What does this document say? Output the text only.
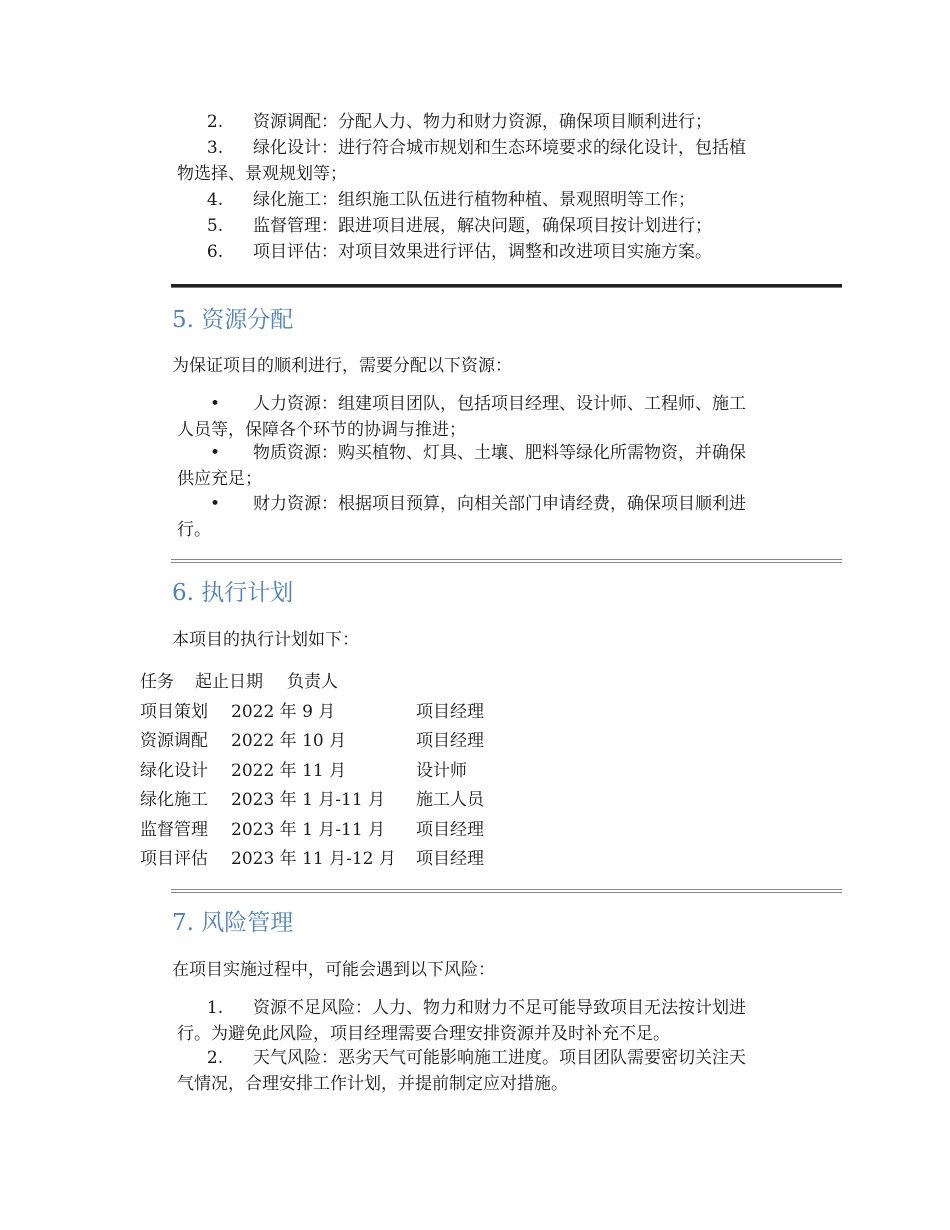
2. 资源调配：分配人力、物力和财力资源，确保项目顺利进行；
3. 绿化设计：进行符合城市规划和生态环境要求的绿化设计，包括植
物选择、景观规划等；
4. 绿化施工：组织施工队伍进行植物种植、景观照明等工作；
5. 监督管理：跟进项目进展，解决问题，确保项目按计划进行；
6. 项目评估：对项目效果进行评估，调整和改进项目实施方案。
5. 资源分配
为保证项目的顺利进行，需要分配以下资源：
• 人力资源：组建项目团队，包括项目经理、设计师、工程师、施工
人员等，保障各个环节的协调与推进；
• 物质资源：购买植物、灯具、土壤、肥料等绿化所需物资，并确保
供应充足；
• 财力资源：根据项目预算，向相关部门申请经费，确保项目顺利进
行。
6. 执行计划
本项目的执行计划如下：
任务 起止日期 负责人
项目策划 2022 年 9 月	项目经理
资源调配 2022 年 10 月	项目经理
绿化设计 2022 年 11 月	设计师
绿化施工 2023 年 1 月-11 月 施工人员
监督管理 2023 年 1 月-11 月 项目经理
项目评估 2023 年 11 月-12 月 项目经理
7. 风险管理
在项目实施过程中，可能会遇到以下风险：
1. 资源不足风险：人力、物力和财力不足可能导致项目无法按计划进
行。为避免此风险，项目经理需要合理安排资源并及时补充不足。
2. 天气风险：恶劣天气可能影响施工进度。项目团队需要密切关注天
气情况，合理安排工作计划，并提前制定应对措施。
